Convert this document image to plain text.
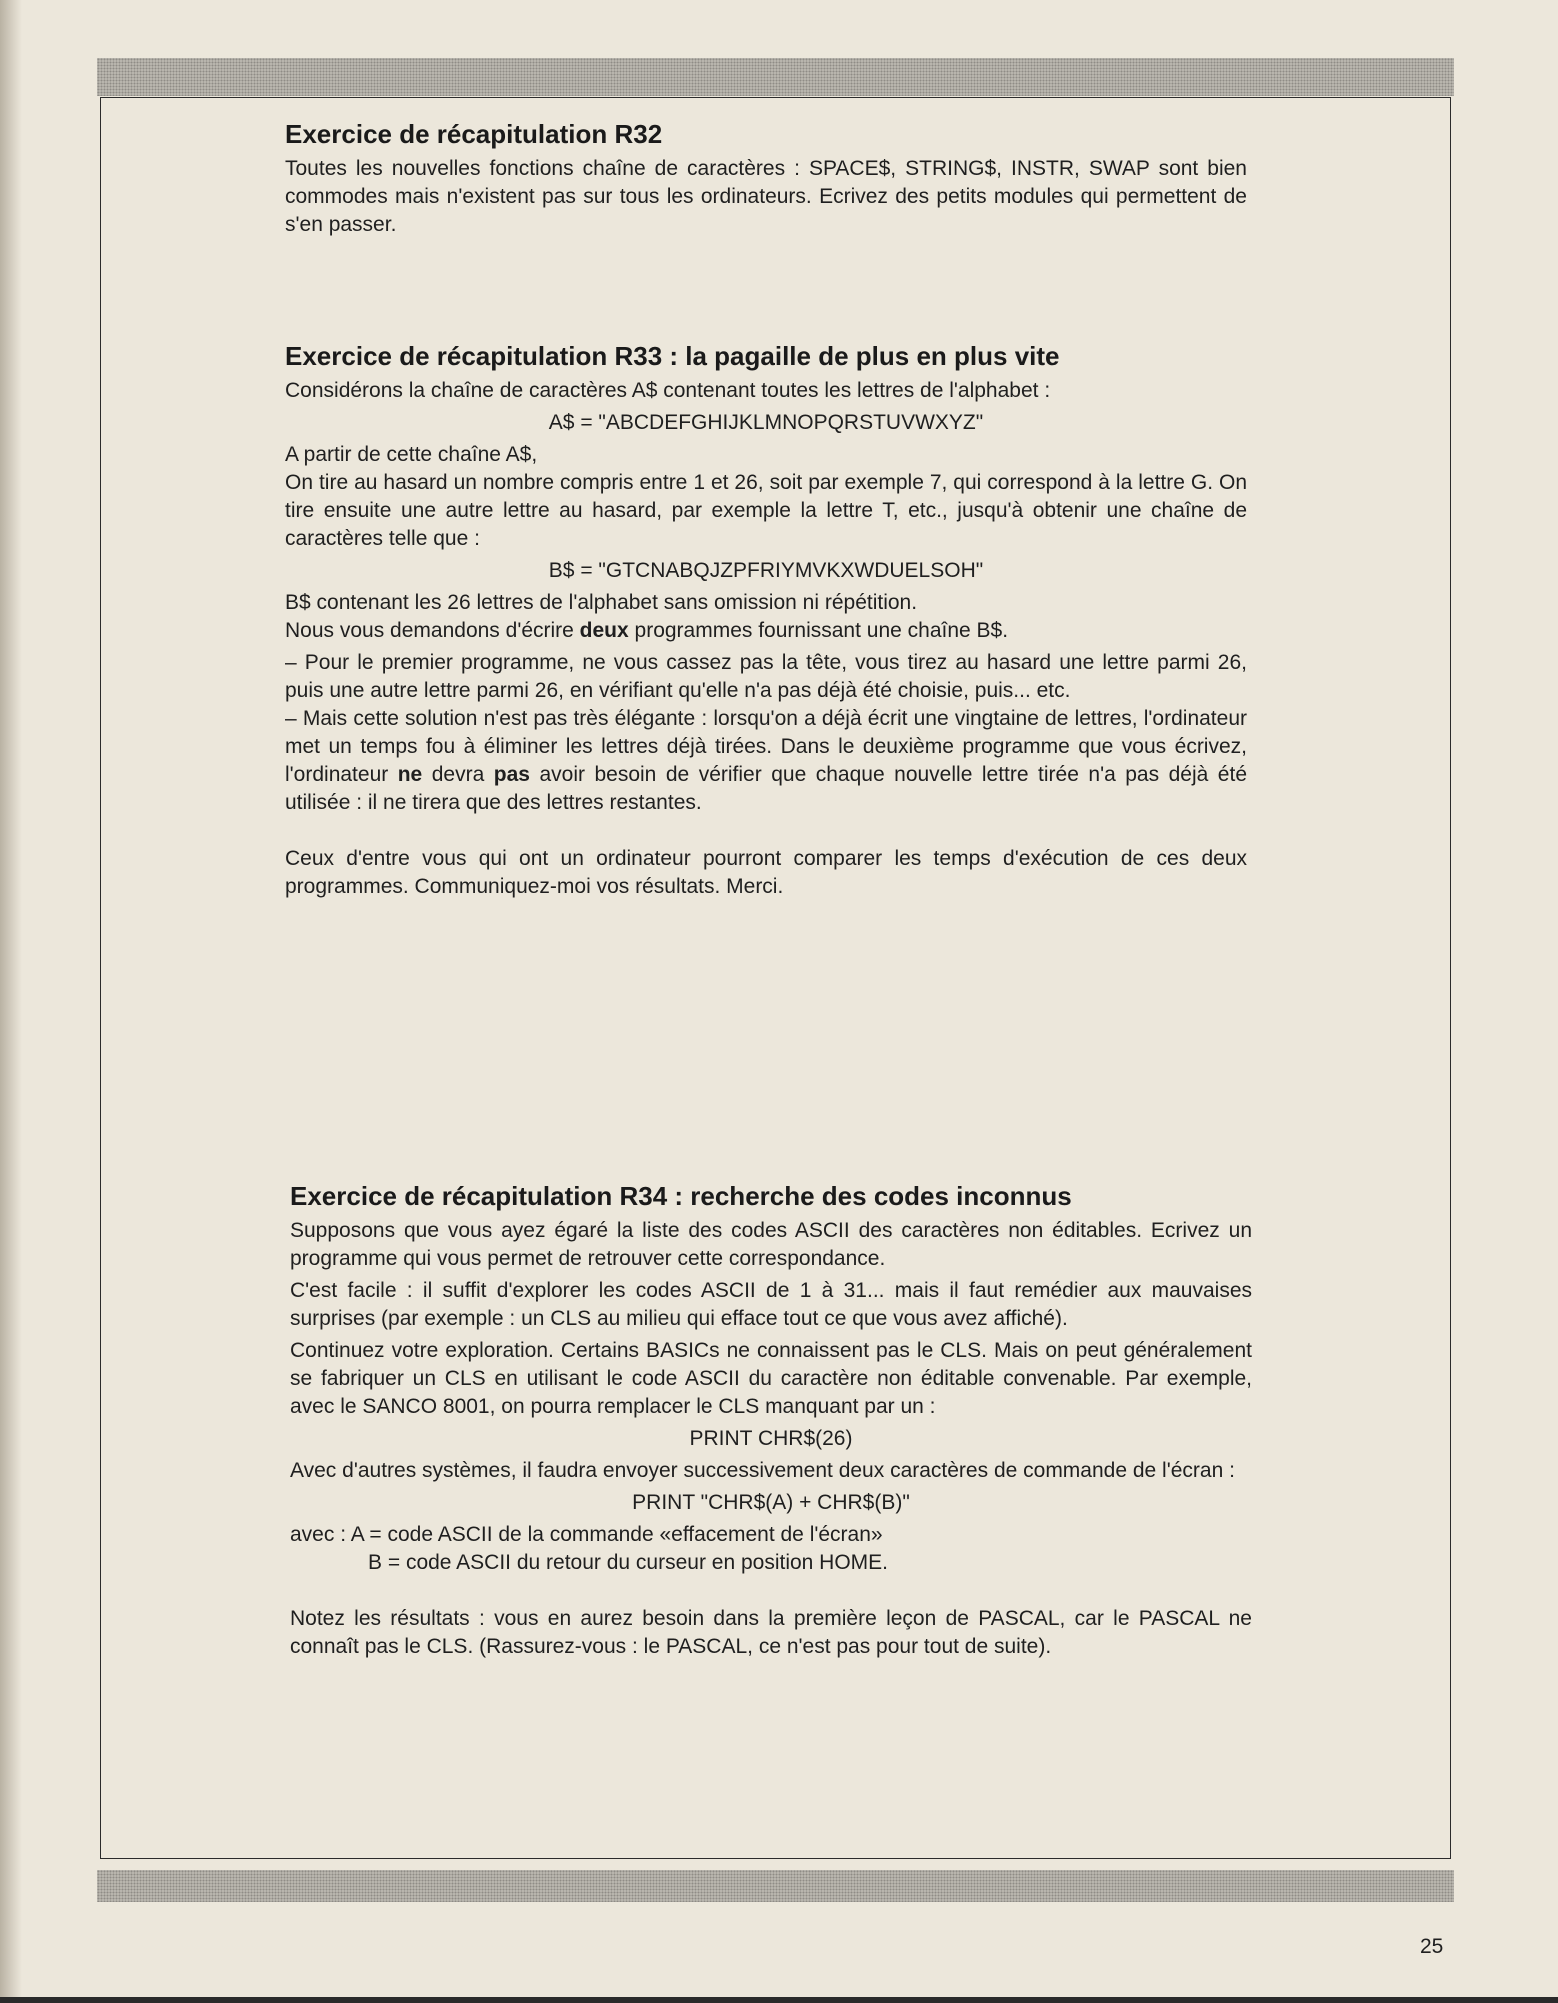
Exercice de récapitulation R32

Toutes les nouvelles fonctions chaîne de caractères : SPACE$, STRING$, INSTR, SWAP sont bien commodes mais n'existent pas sur tous les ordinateurs. Ecrivez des petits modules qui permettent de s'en passer.

Exercice de récapitulation R33 : la pagaille de plus en plus vite

Considérons la chaîne de caractères A$ contenant toutes les lettres de l'alphabet :

A$ = "ABCDEFGHIJKLMNOPQRSTUVWXYZ"

A partir de cette chaîne A$,

On tire au hasard un nombre compris entre 1 et 26, soit par exemple 7, qui correspond à la lettre G. On tire ensuite une autre lettre au hasard, par exemple la lettre T, etc., jusqu'à obtenir une chaîne de caractères telle que :

B$ = "GTCNABQJZPFRIYMVKXWDUELSOH"

B$ contenant les 26 lettres de l'alphabet sans omission ni répétition.

Nous vous demandons d'écrire deux programmes fournissant une chaîne B$.

– Pour le premier programme, ne vous cassez pas la tête, vous tirez au hasard une lettre parmi 26, puis une autre lettre parmi 26, en vérifiant qu'elle n'a pas déjà été choisie, puis... etc.

– Mais cette solution n'est pas très élégante : lorsqu'on a déjà écrit une vingtaine de lettres, l'ordinateur met un temps fou à éliminer les lettres déjà tirées. Dans le deuxième programme que vous écrivez, l'ordinateur ne devra pas avoir besoin de vérifier que chaque nouvelle lettre tirée n'a pas déjà été utilisée : il ne tirera que des lettres restantes.

Ceux d'entre vous qui ont un ordinateur pourront comparer les temps d'exécution de ces deux programmes. Communiquez-moi vos résultats. Merci.

Exercice de récapitulation R34 : recherche des codes inconnus

Supposons que vous ayez égaré la liste des codes ASCII des caractères non éditables. Ecrivez un programme qui vous permet de retrouver cette correspondance.

C'est facile : il suffit d'explorer les codes ASCII de 1 à 31... mais il faut remédier aux mauvaises surprises (par exemple : un CLS au milieu qui efface tout ce que vous avez affiché).

Continuez votre exploration. Certains BASICs ne connaissent pas le CLS. Mais on peut généralement se fabriquer un CLS en utilisant le code ASCII du caractère non éditable convenable. Par exemple, avec le SANCO 8001, on pourra remplacer le CLS manquant par un :

PRINT CHR$(26)

Avec d'autres systèmes, il faudra envoyer successivement deux caractères de commande de l'écran :

PRINT "CHR$(A) + CHR$(B)"

avec : A = code ASCII de la commande «effacement de l'écran»

B = code ASCII du retour du curseur en position HOME.

Notez les résultats : vous en aurez besoin dans la première leçon de PASCAL, car le PASCAL ne connaît pas le CLS. (Rassurez-vous : le PASCAL, ce n'est pas pour tout de suite).

25
